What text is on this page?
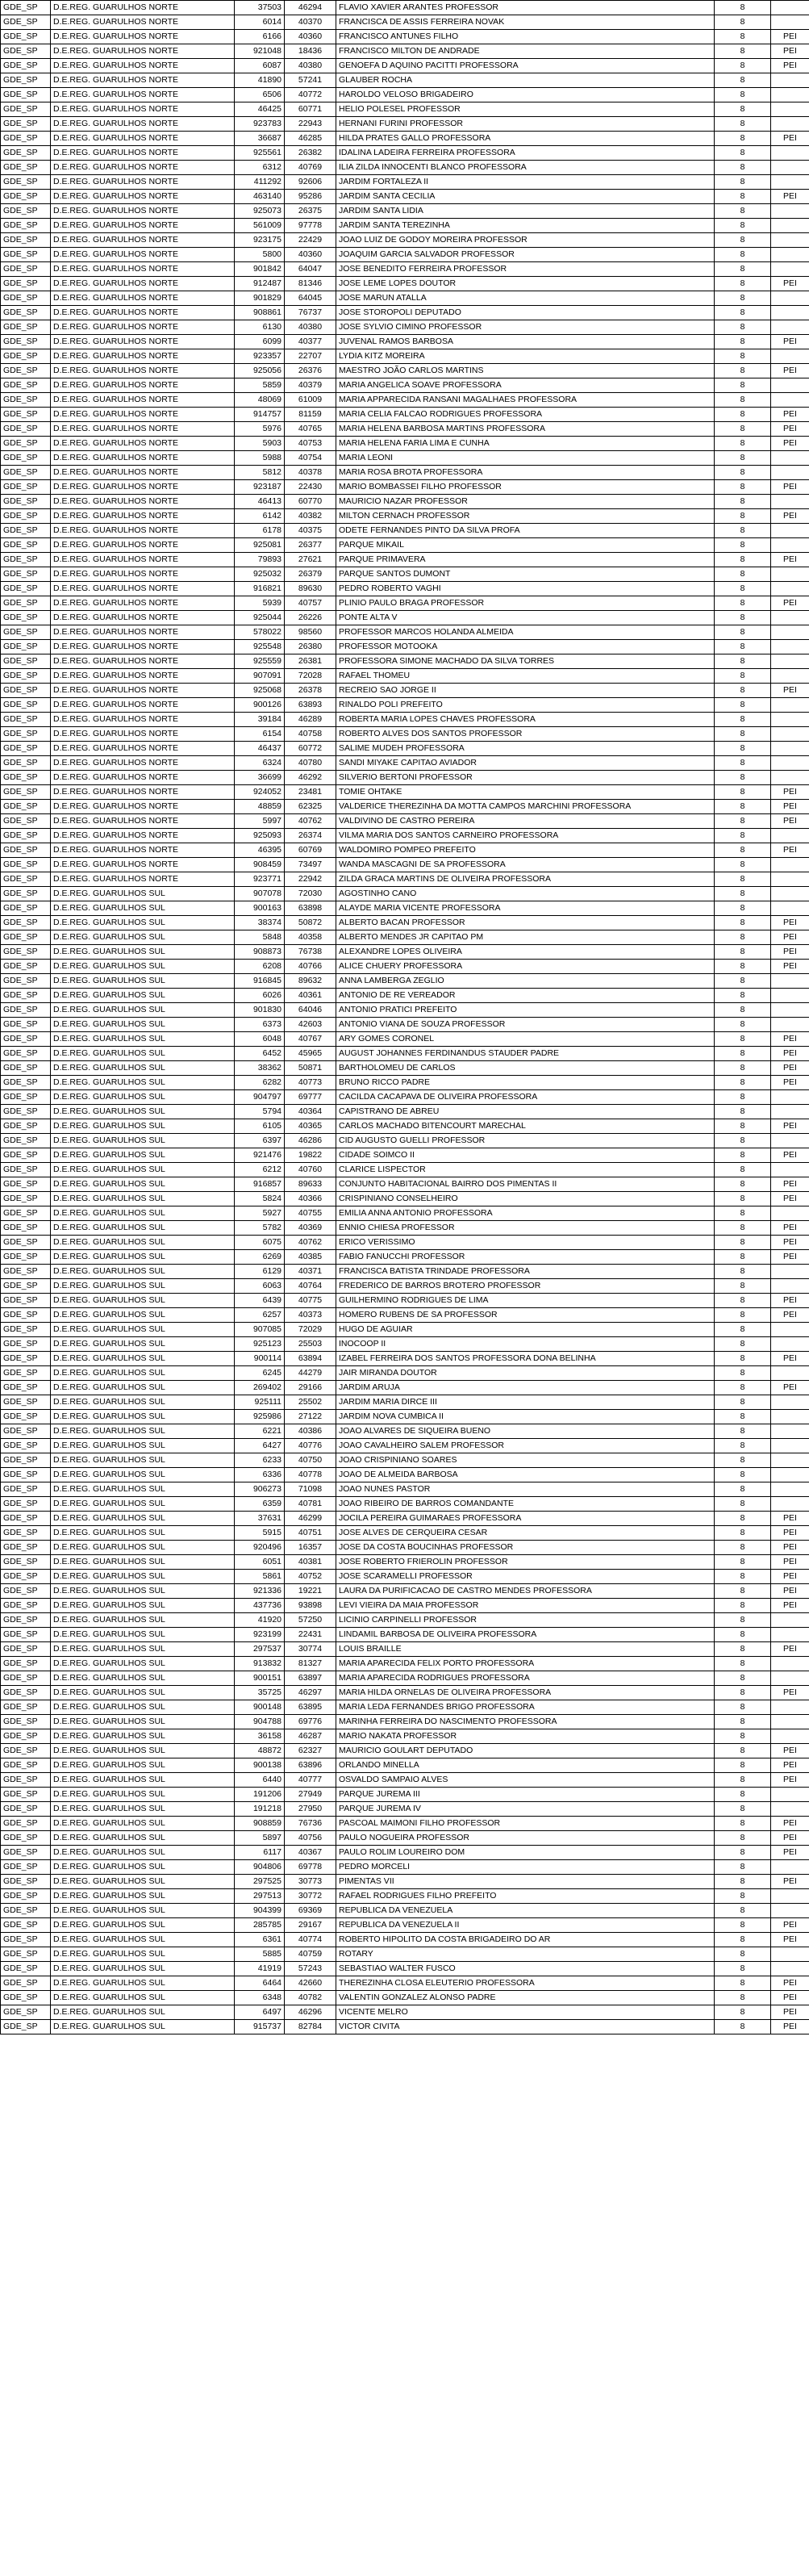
GDE_SP	D.E.REG. GUARULHOS NORTE	37503	46294	FLAVIO XAVIER ARANTES PROFESSOR	8	
GDE_SP	D.E.REG. GUARULHOS NORTE	6014	40370	FRANCISCA DE ASSIS FERREIRA NOVAK	8	
GDE_SP	D.E.REG. GUARULHOS NORTE	6166	40360	FRANCISCO ANTUNES FILHO	8	PEI
GDE_SP	D.E.REG. GUARULHOS NORTE	921048	18436	FRANCISCO MILTON DE ANDRADE	8	PEI
GDE_SP	D.E.REG. GUARULHOS NORTE	6087	40380	GENOEFA D AQUINO PACITTI PROFESSORA	8	PEI
GDE_SP	D.E.REG. GUARULHOS NORTE	41890	57241	GLAUBER ROCHA	8	
GDE_SP	D.E.REG. GUARULHOS NORTE	6506	40772	HAROLDO VELOSO BRIGADEIRO	8	
GDE_SP	D.E.REG. GUARULHOS NORTE	46425	60771	HELIO POLESEL PROFESSOR	8	
GDE_SP	D.E.REG. GUARULHOS NORTE	923783	22943	HERNANI FURINI PROFESSOR	8	
GDE_SP	D.E.REG. GUARULHOS NORTE	36687	46285	HILDA PRATES GALLO PROFESSORA	8	PEI
GDE_SP	D.E.REG. GUARULHOS NORTE	925561	26382	IDALINA LADEIRA FERREIRA PROFESSORA	8	
GDE_SP	D.E.REG. GUARULHOS NORTE	6312	40769	ILIA ZILDA INNOCENTI BLANCO PROFESSORA	8	
GDE_SP	D.E.REG. GUARULHOS NORTE	411292	92606	JARDIM FORTALEZA II	8	
GDE_SP	D.E.REG. GUARULHOS NORTE	463140	95286	JARDIM SANTA CECILIA	8	PEI
GDE_SP	D.E.REG. GUARULHOS NORTE	925073	26375	JARDIM SANTA LIDIA	8	
GDE_SP	D.E.REG. GUARULHOS NORTE	561009	97778	JARDIM SANTA TEREZINHA	8	
GDE_SP	D.E.REG. GUARULHOS NORTE	923175	22429	JOAO LUIZ DE GODOY MOREIRA PROFESSOR	8	
GDE_SP	D.E.REG. GUARULHOS NORTE	5800	40360	JOAQUIM GARCIA SALVADOR PROFESSOR	8	
GDE_SP	D.E.REG. GUARULHOS NORTE	901842	64047	JOSE BENEDITO FERREIRA PROFESSOR	8	
GDE_SP	D.E.REG. GUARULHOS NORTE	912487	81346	JOSE LEME LOPES DOUTOR	8	PEI
GDE_SP	D.E.REG. GUARULHOS NORTE	901829	64045	JOSE MARUN ATALLA	8	
GDE_SP	D.E.REG. GUARULHOS NORTE	908861	76737	JOSE STOROPOLI DEPUTADO	8	
GDE_SP	D.E.REG. GUARULHOS NORTE	6130	40380	JOSE SYLVIO CIMINO PROFESSOR	8	
GDE_SP	D.E.REG. GUARULHOS NORTE	6099	40377	JUVENAL RAMOS BARBOSA	8	PEI
GDE_SP	D.E.REG. GUARULHOS NORTE	923357	22707	LYDIA KITZ MOREIRA	8	
GDE_SP	D.E.REG. GUARULHOS NORTE	925056	26376	MAESTRO JOÃO CARLOS MARTINS	8	PEI
GDE_SP	D.E.REG. GUARULHOS NORTE	5859	40379	MARIA ANGELICA SOAVE PROFESSORA	8	
GDE_SP	D.E.REG. GUARULHOS NORTE	48069	61009	MARIA APPARECIDA RANSANI MAGALHAES PROFESSORA	8	
GDE_SP	D.E.REG. GUARULHOS NORTE	914757	81159	MARIA CELIA FALCAO RODRIGUES PROFESSORA	8	PEI
GDE_SP	D.E.REG. GUARULHOS NORTE	5976	40765	MARIA HELENA BARBOSA MARTINS PROFESSORA	8	PEI
GDE_SP	D.E.REG. GUARULHOS NORTE	5903	40753	MARIA HELENA FARIA LIMA E CUNHA	8	PEI
GDE_SP	D.E.REG. GUARULHOS NORTE	5988	40754	MARIA LEONI	8	
GDE_SP	D.E.REG. GUARULHOS NORTE	5812	40378	MARIA ROSA BROTA PROFESSORA	8	
GDE_SP	D.E.REG. GUARULHOS NORTE	923187	22430	MARIO BOMBASSEI FILHO PROFESSOR	8	PEI
GDE_SP	D.E.REG. GUARULHOS NORTE	46413	60770	MAURICIO NAZAR PROFESSOR	8	
GDE_SP	D.E.REG. GUARULHOS NORTE	6142	40382	MILTON CERNACH PROFESSOR	8	PEI
GDE_SP	D.E.REG. GUARULHOS NORTE	6178	40375	ODETE FERNANDES PINTO DA SILVA PROFA	8	
GDE_SP	D.E.REG. GUARULHOS NORTE	925081	26377	PARQUE MIKAIL	8	
GDE_SP	D.E.REG. GUARULHOS NORTE	79893	27621	PARQUE PRIMAVERA	8	PEI
GDE_SP	D.E.REG. GUARULHOS NORTE	925032	26379	PARQUE SANTOS DUMONT	8	
GDE_SP	D.E.REG. GUARULHOS NORTE	916821	89630	PEDRO ROBERTO VAGHI	8	
GDE_SP	D.E.REG. GUARULHOS NORTE	5939	40757	PLINIO PAULO BRAGA PROFESSOR	8	PEI
GDE_SP	D.E.REG. GUARULHOS NORTE	925044	26226	PONTE ALTA V	8	
GDE_SP	D.E.REG. GUARULHOS NORTE	578022	98560	PROFESSOR MARCOS HOLANDA ALMEIDA	8	
GDE_SP	D.E.REG. GUARULHOS NORTE	925548	26380	PROFESSOR MOTOOKA	8	
GDE_SP	D.E.REG. GUARULHOS NORTE	925559	26381	PROFESSORA SIMONE MACHADO DA SILVA TORRES	8	
GDE_SP	D.E.REG. GUARULHOS NORTE	907091	72028	RAFAEL THOMEU	8	
GDE_SP	D.E.REG. GUARULHOS NORTE	925068	26378	RECREIO SAO JORGE II	8	PEI
GDE_SP	D.E.REG. GUARULHOS NORTE	900126	63893	RINALDO POLI PREFEITO	8	
GDE_SP	D.E.REG. GUARULHOS NORTE	39184	46289	ROBERTA MARIA LOPES CHAVES PROFESSORA	8	
GDE_SP	D.E.REG. GUARULHOS NORTE	6154	40758	ROBERTO ALVES DOS SANTOS PROFESSOR	8	
GDE_SP	D.E.REG. GUARULHOS NORTE	46437	60772	SALIME MUDEH PROFESSORA	8	
GDE_SP	D.E.REG. GUARULHOS NORTE	6324	40780	SANDI MIYAKE CAPITAO AVIADOR	8	
GDE_SP	D.E.REG. GUARULHOS NORTE	36699	46292	SILVERIO BERTONI PROFESSOR	8	
GDE_SP	D.E.REG. GUARULHOS NORTE	924052	23481	TOMIE OHTAKE	8	PEI
GDE_SP	D.E.REG. GUARULHOS NORTE	48859	62325	VALDERICE THEREZINHA DA MOTTA CAMPOS MARCHINI PROFESSORA	8	PEI
GDE_SP	D.E.REG. GUARULHOS NORTE	5997	40762	VALDIVINO DE CASTRO PEREIRA	8	PEI
GDE_SP	D.E.REG. GUARULHOS NORTE	925093	26374	VILMA MARIA DOS SANTOS CARNEIRO PROFESSORA	8	
GDE_SP	D.E.REG. GUARULHOS NORTE	46395	60769	WALDOMIRO POMPEO PREFEITO	8	PEI
GDE_SP	D.E.REG. GUARULHOS NORTE	908459	73497	WANDA MASCAGNI DE SA PROFESSORA	8	
GDE_SP	D.E.REG. GUARULHOS NORTE	923771	22942	ZILDA GRACA MARTINS DE OLIVEIRA PROFESSORA	8	
GDE_SP	D.E.REG. GUARULHOS SUL	907078	72030	AGOSTINHO CANO	8	
GDE_SP	D.E.REG. GUARULHOS SUL	900163	63898	ALAYDE MARIA VICENTE PROFESSORA	8	
GDE_SP	D.E.REG. GUARULHOS SUL	38374	50872	ALBERTO BACAN PROFESSOR	8	PEI
GDE_SP	D.E.REG. GUARULHOS SUL	5848	40358	ALBERTO MENDES JR CAPITAO PM	8	PEI
GDE_SP	D.E.REG. GUARULHOS SUL	908873	76738	ALEXANDRE LOPES OLIVEIRA	8	PEI
GDE_SP	D.E.REG. GUARULHOS SUL	6208	40766	ALICE CHUERY PROFESSORA	8	PEI
GDE_SP	D.E.REG. GUARULHOS SUL	916845	89632	ANNA LAMBERGA ZEGLIO	8	
GDE_SP	D.E.REG. GUARULHOS SUL	6026	40361	ANTONIO DE RE VEREADOR	8	
GDE_SP	D.E.REG. GUARULHOS SUL	901830	64046	ANTONIO PRATICI PREFEITO	8	
GDE_SP	D.E.REG. GUARULHOS SUL	6373	42603	ANTONIO VIANA DE SOUZA PROFESSOR	8	
GDE_SP	D.E.REG. GUARULHOS SUL	6048	40767	ARY GOMES CORONEL	8	PEI
GDE_SP	D.E.REG. GUARULHOS SUL	6452	45965	AUGUST JOHANNES FERDINANDUS STAUDER PADRE	8	PEI
GDE_SP	D.E.REG. GUARULHOS SUL	38362	50871	BARTHOLOMEU DE CARLOS	8	PEI
GDE_SP	D.E.REG. GUARULHOS SUL	6282	40773	BRUNO RICCO PADRE	8	PEI
GDE_SP	D.E.REG. GUARULHOS SUL	904797	69777	CACILDA CACAPAVA DE OLIVEIRA PROFESSORA	8	
GDE_SP	D.E.REG. GUARULHOS SUL	5794	40364	CAPISTRANO DE ABREU	8	
GDE_SP	D.E.REG. GUARULHOS SUL	6105	40365	CARLOS MACHADO BITENCOURT MARECHAL	8	PEI
GDE_SP	D.E.REG. GUARULHOS SUL	6397	46286	CID AUGUSTO GUELLI PROFESSOR	8	
GDE_SP	D.E.REG. GUARULHOS SUL	921476	19822	CIDADE SOIMCO II	8	PEI
GDE_SP	D.E.REG. GUARULHOS SUL	6212	40760	CLARICE LISPECTOR	8	
GDE_SP	D.E.REG. GUARULHOS SUL	916857	89633	CONJUNTO HABITACIONAL BAIRRO DOS PIMENTAS II	8	PEI
GDE_SP	D.E.REG. GUARULHOS SUL	5824	40366	CRISPINIANO CONSELHEIRO	8	PEI
GDE_SP	D.E.REG. GUARULHOS SUL	5927	40755	EMILIA ANNA ANTONIO PROFESSORA	8	
GDE_SP	D.E.REG. GUARULHOS SUL	5782	40369	ENNIO CHIESA PROFESSOR	8	PEI
GDE_SP	D.E.REG. GUARULHOS SUL	6075	40762	ERICO VERISSIMO	8	PEI
GDE_SP	D.E.REG. GUARULHOS SUL	6269	40385	FABIO FANUCCHI PROFESSOR	8	PEI
GDE_SP	D.E.REG. GUARULHOS SUL	6129	40371	FRANCISCA BATISTA TRINDADE PROFESSORA	8	
GDE_SP	D.E.REG. GUARULHOS SUL	6063	40764	FREDERICO DE BARROS BROTERO PROFESSOR	8	
GDE_SP	D.E.REG. GUARULHOS SUL	6439	40775	GUILHERMINO RODRIGUES DE LIMA	8	PEI
GDE_SP	D.E.REG. GUARULHOS SUL	6257	40373	HOMERO RUBENS DE SA PROFESSOR	8	PEI
GDE_SP	D.E.REG. GUARULHOS SUL	907085	72029	HUGO DE AGUIAR	8	
GDE_SP	D.E.REG. GUARULHOS SUL	925123	25503	INOCOOP II	8	
GDE_SP	D.E.REG. GUARULHOS SUL	900114	63894	IZABEL FERREIRA DOS SANTOS PROFESSORA DONA BELINHA	8	PEI
GDE_SP	D.E.REG. GUARULHOS SUL	6245	44279	JAIR MIRANDA DOUTOR	8	
GDE_SP	D.E.REG. GUARULHOS SUL	269402	29166	JARDIM ARUJA	8	PEI
GDE_SP	D.E.REG. GUARULHOS SUL	925111	25502	JARDIM MARIA DIRCE III	8	
GDE_SP	D.E.REG. GUARULHOS SUL	925986	27122	JARDIM NOVA CUMBICA II	8	
GDE_SP	D.E.REG. GUARULHOS SUL	6221	40386	JOAO ALVARES DE SIQUEIRA BUENO	8	
GDE_SP	D.E.REG. GUARULHOS SUL	6427	40776	JOAO CAVALHEIRO SALEM PROFESSOR	8	
GDE_SP	D.E.REG. GUARULHOS SUL	6233	40750	JOAO CRISPINIANO SOARES	8	
GDE_SP	D.E.REG. GUARULHOS SUL	6336	40778	JOAO DE ALMEIDA BARBOSA	8	
GDE_SP	D.E.REG. GUARULHOS SUL	906273	71098	JOAO NUNES PASTOR	8	
GDE_SP	D.E.REG. GUARULHOS SUL	6359	40781	JOAO RIBEIRO DE BARROS COMANDANTE	8	
GDE_SP	D.E.REG. GUARULHOS SUL	37631	46299	JOCILA PEREIRA GUIMARAES PROFESSORA	8	PEI
GDE_SP	D.E.REG. GUARULHOS SUL	5915	40751	JOSE ALVES DE CERQUEIRA CESAR	8	PEI
GDE_SP	D.E.REG. GUARULHOS SUL	920496	16357	JOSE DA COSTA BOUCINHAS PROFESSOR	8	PEI
GDE_SP	D.E.REG. GUARULHOS SUL	6051	40381	JOSE ROBERTO FRIEROLIN PROFESSOR	8	PEI
GDE_SP	D.E.REG. GUARULHOS SUL	5861	40752	JOSE SCARAMELLI PROFESSOR	8	PEI
GDE_SP	D.E.REG. GUARULHOS SUL	921336	19221	LAURA DA PURIFICACAO DE CASTRO MENDES PROFESSORA	8	PEI
GDE_SP	D.E.REG. GUARULHOS SUL	437736	93898	LEVI VIEIRA DA MAIA PROFESSOR	8	PEI
GDE_SP	D.E.REG. GUARULHOS SUL	41920	57250	LICINIO CARPINELLI PROFESSOR	8	
GDE_SP	D.E.REG. GUARULHOS SUL	923199	22431	LINDAMIL BARBOSA DE OLIVEIRA PROFESSORA	8	
GDE_SP	D.E.REG. GUARULHOS SUL	297537	30774	LOUIS BRAILLE	8	PEI
GDE_SP	D.E.REG. GUARULHOS SUL	913832	81327	MARIA APARECIDA FELIX PORTO PROFESSORA	8	
GDE_SP	D.E.REG. GUARULHOS SUL	900151	63897	MARIA APARECIDA RODRIGUES PROFESSORA	8	
GDE_SP	D.E.REG. GUARULHOS SUL	35725	46297	MARIA HILDA ORNELAS DE OLIVEIRA PROFESSORA	8	PEI
GDE_SP	D.E.REG. GUARULHOS SUL	900148	63895	MARIA LEDA FERNANDES BRIGO PROFESSORA	8	
GDE_SP	D.E.REG. GUARULHOS SUL	904788	69776	MARINHA FERREIRA DO NASCIMENTO PROFESSORA	8	
GDE_SP	D.E.REG. GUARULHOS SUL	36158	46287	MARIO NAKATA PROFESSOR	8	
GDE_SP	D.E.REG. GUARULHOS SUL	48872	62327	MAURICIO GOULART DEPUTADO	8	PEI
GDE_SP	D.E.REG. GUARULHOS SUL	900138	63896	ORLANDO MINELLA	8	PEI
GDE_SP	D.E.REG. GUARULHOS SUL	6440	40777	OSVALDO SAMPAIO ALVES	8	PEI
GDE_SP	D.E.REG. GUARULHOS SUL	191206	27949	PARQUE JUREMA III	8	
GDE_SP	D.E.REG. GUARULHOS SUL	191218	27950	PARQUE JUREMA IV	8	
GDE_SP	D.E.REG. GUARULHOS SUL	908859	76736	PASCOAL MAIMONI FILHO PROFESSOR	8	PEI
GDE_SP	D.E.REG. GUARULHOS SUL	5897	40756	PAULO NOGUEIRA PROFESSOR	8	PEI
GDE_SP	D.E.REG. GUARULHOS SUL	6117	40367	PAULO ROLIM LOUREIRO DOM	8	PEI
GDE_SP	D.E.REG. GUARULHOS SUL	904806	69778	PEDRO MORCELI	8	
GDE_SP	D.E.REG. GUARULHOS SUL	297525	30773	PIMENTAS VII	8	PEI
GDE_SP	D.E.REG. GUARULHOS SUL	297513	30772	RAFAEL RODRIGUES FILHO PREFEITO	8	
GDE_SP	D.E.REG. GUARULHOS SUL	904399	69369	REPUBLICA DA VENEZUELA	8	
GDE_SP	D.E.REG. GUARULHOS SUL	285785	29167	REPUBLICA DA VENEZUELA II	8	PEI
GDE_SP	D.E.REG. GUARULHOS SUL	6361	40774	ROBERTO HIPOLITO DA COSTA BRIGADEIRO DO AR	8	PEI
GDE_SP	D.E.REG. GUARULHOS SUL	5885	40759	ROTARY	8	
GDE_SP	D.E.REG. GUARULHOS SUL	41919	57243	SEBASTIAO WALTER FUSCO	8	
GDE_SP	D.E.REG. GUARULHOS SUL	6464	42660	THEREZINHA CLOSA ELEUTERIO PROFESSORA	8	PEI
GDE_SP	D.E.REG. GUARULHOS SUL	6348	40782	VALENTIN GONZALEZ ALONSO PADRE	8	PEI
GDE_SP	D.E.REG. GUARULHOS SUL	6497	46296	VICENTE MELRO	8	PEI
GDE_SP	D.E.REG. GUARULHOS SUL	915737	82784	VICTOR CIVITA	8	PEI
